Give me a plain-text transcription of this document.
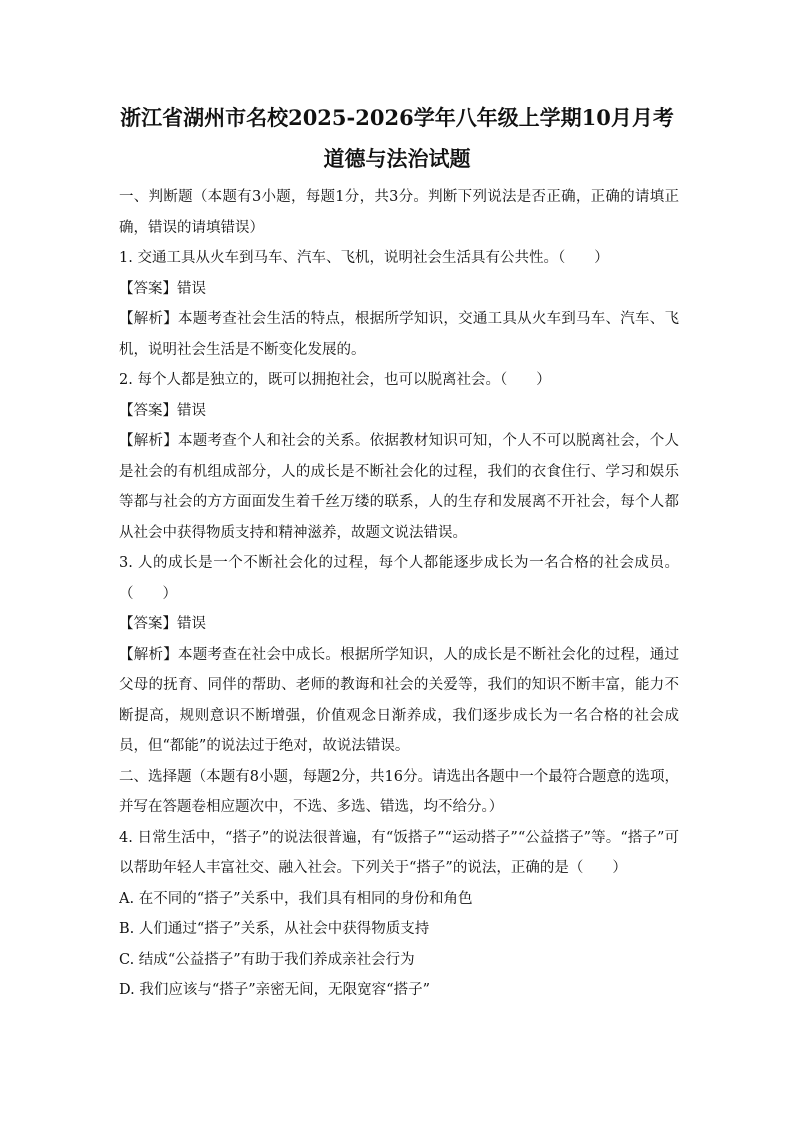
浙江省湖州市名校2025-2026学年八年级上学期10月月考
道德与法治试题

一、判断题（本题有3小题，每题1分，共3分。判断下列说法是否正确，正确的请填正确，错误的请填错误）

1. 交通工具从火车到马车、汽车、飞机，说明社会生活具有公共性。（　　）

【答案】错误

【解析】本题考查社会生活的特点，根据所学知识，交通工具从火车到马车、汽车、飞机，说明社会生活是不断变化发展的。

2. 每个人都是独立的，既可以拥抱社会，也可以脱离社会。（　　）

【答案】错误

【解析】本题考查个人和社会的关系。依据教材知识可知，个人不可以脱离社会，个人是社会的有机组成部分，人的成长是不断社会化的过程，我们的衣食住行、学习和娱乐等都与社会的方方面面发生着千丝万缕的联系，人的生存和发展离不开社会，每个人都从社会中获得物质支持和精神滋养，故题文说法错误。

3. 人的成长是一个不断社会化的过程，每个人都能逐步成长为一名合格的社会成员。（　　）

【答案】错误

【解析】本题考查在社会中成长。根据所学知识，人的成长是不断社会化的过程，通过父母的抚育、同伴的帮助、老师的教诲和社会的关爱等，我们的知识不断丰富，能力不断提高，规则意识不断增强，价值观念日渐养成，我们逐步成长为一名合格的社会成员，但“都能”的说法过于绝对，故说法错误。

二、选择题（本题有8小题，每题2分，共16分。请选出各题中一个最符合题意的选项，并写在答题卷相应题次中，不选、多选、错选，均不给分。）

4. 日常生活中，“搭子”的说法很普遍，有“饭搭子”“运动搭子”“公益搭子”等。“搭子”可以帮助年轻人丰富社交、融入社会。下列关于“搭子”的说法，正确的是（　　）

A. 在不同的“搭子”关系中，我们具有相同的身份和角色

B. 人们通过“搭子”关系，从社会中获得物质支持

C. 结成“公益搭子”有助于我们养成亲社会行为

D. 我们应该与“搭子”亲密无间，无限宽容“搭子”
